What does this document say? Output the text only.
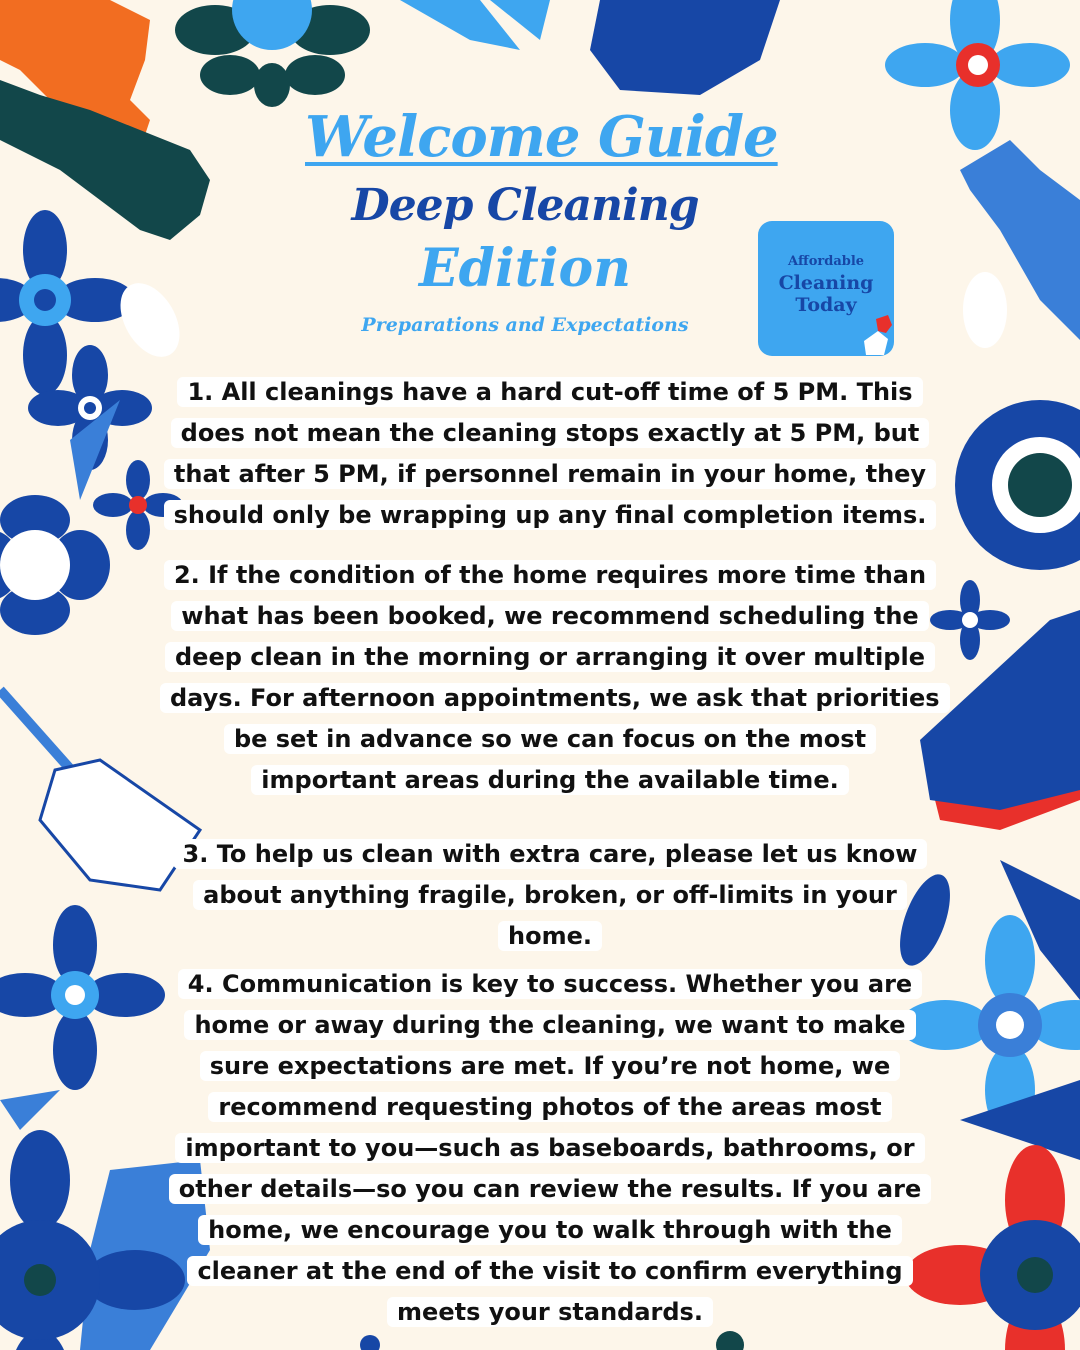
Welcome Guide
Deep Cleaning
Edition
Preparations and Expectations
Affordable
Cleaning
Today

1. All cleanings have a hard cut-off time of 5 PM. This does not mean the cleaning stops exactly at 5 PM, but that after 5 PM, if personnel remain in your home, they should only be wrapping up any final completion items.

2. If the condition of the home requires more time than what has been booked, we recommend scheduling the deep clean in the morning or arranging it over multiple days. For afternoon appointments, we ask that priorities be set in advance so we can focus on the most important areas during the available time.

3. To help us clean with extra care, please let us know about anything fragile, broken, or off-limits in your home.

4. Communication is key to success. Whether you are home or away during the cleaning, we want to make sure expectations are met. If you’re not home, we recommend requesting photos of the areas most important to you—such as baseboards, bathrooms, or other details—so you can review the results. If you are home, we encourage you to walk through with the cleaner at the end of the visit to confirm everything meets your standards.
